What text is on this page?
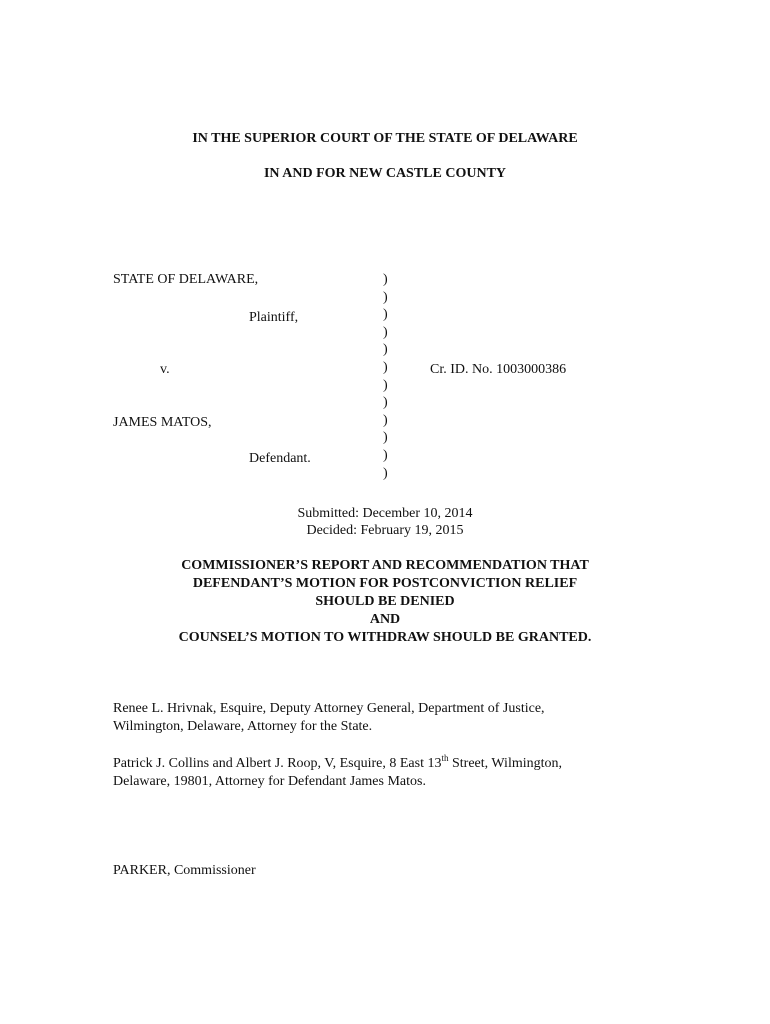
IN THE SUPERIOR COURT OF THE STATE OF DELAWARE
IN AND FOR NEW CASTLE COUNTY
STATE OF DELAWARE,
Plaintiff,
v.
JAMES MATOS,
Defendant.
Cr. ID. No. 1003000386
)
)
)
)
)
)
)
)
)
)
)
)
Submitted: December 10, 2014
Decided: February 19, 2015
COMMISSIONER’S REPORT AND RECOMMENDATION THAT
DEFENDANT’S MOTION FOR POSTCONVICTION RELIEF
SHOULD BE DENIED
AND
COUNSEL’S MOTION TO WITHDRAW SHOULD BE GRANTED.
Renee L. Hrivnak, Esquire, Deputy Attorney General, Department of Justice,
Wilmington, Delaware, Attorney for the State.
Patrick J. Collins and Albert J. Roop, V, Esquire, 8 East 13th Street, Wilmington,
Delaware, 19801, Attorney for Defendant James Matos.
PARKER, Commissioner
